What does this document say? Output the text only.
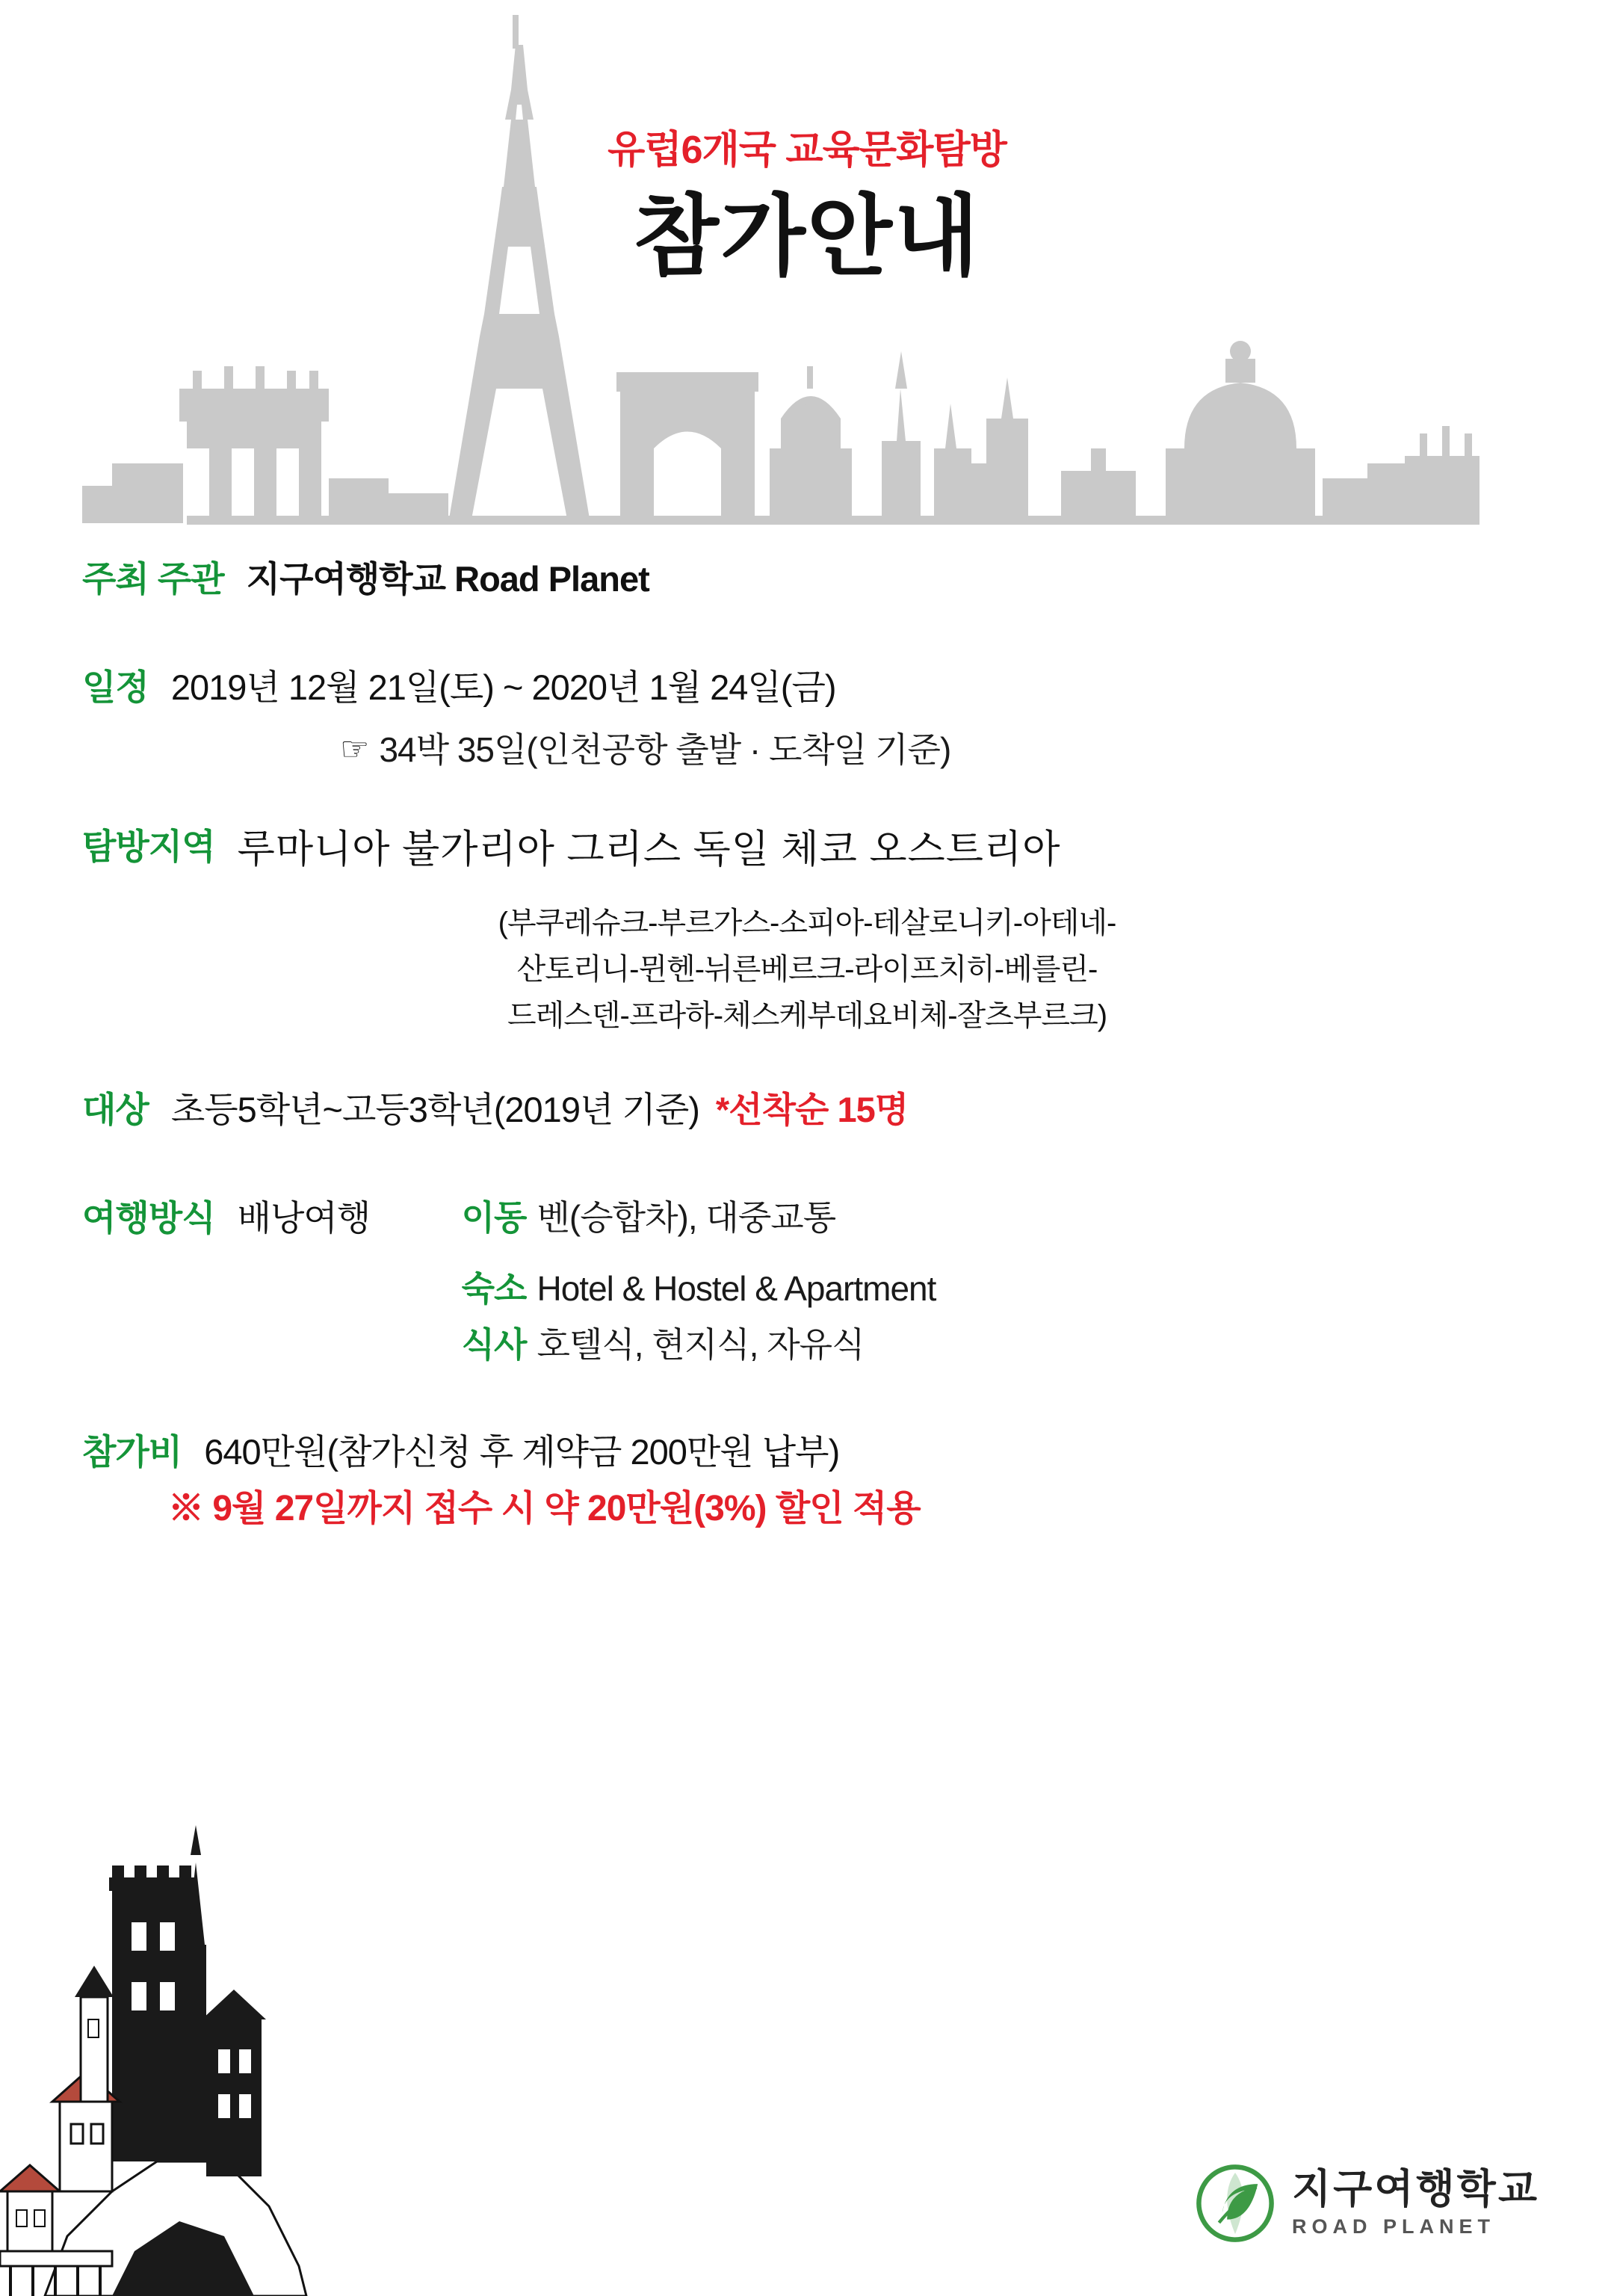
유럽6개국 교육문화탐방
참가안내
주최 주관 지구여행학교 Road Planet
일정 2019년 12월 21일(토) ~ 2020년 1월 24일(금)
☞ 34박 35일(인천공항 출발 · 도착일 기준)
탐방지역 루마니아 불가리아 그리스 독일 체코 오스트리아
(부쿠레슈크-부르가스-소피아-테살로니키-아테네-
산토리니-뮌헨-뉘른베르크-라이프치히-베를린-
드레스덴-프라하-체스케부데요비체-잘츠부르크)
대상 초등5학년~고등3학년(2019년 기준) *선착순 15명
여행방식 배낭여행	이동 벤(승합차), 대중교통
숙소 Hotel & Hostel & Apartment
식사 호텔식, 현지식, 자유식
참가비 640만원(참가신청 후 계약금 200만원 납부)
※ 9월 27일까지 접수 시 약 20만원(3%) 할인 적용
지구여행학교
ROAD PLANET
